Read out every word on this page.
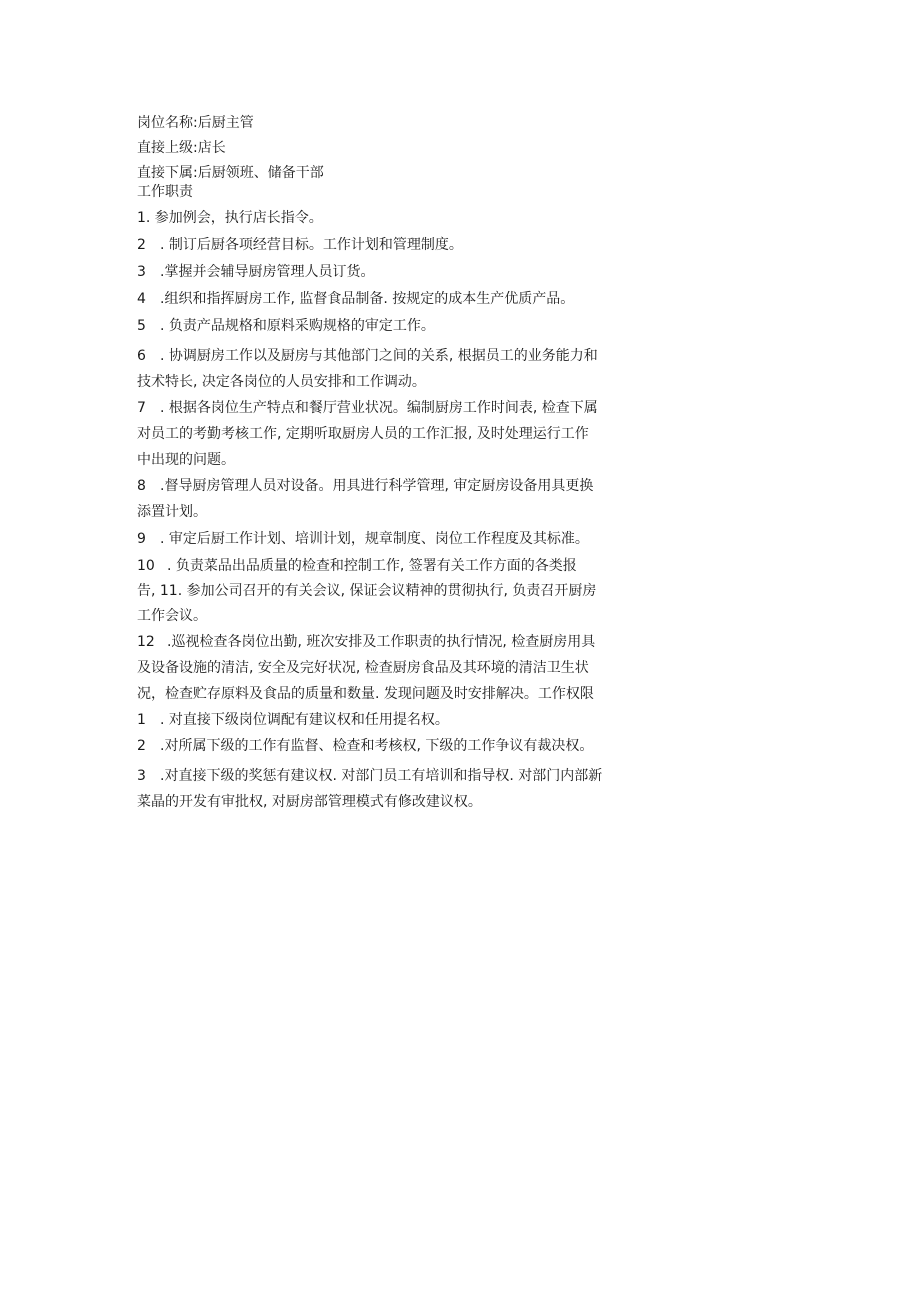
岗位名称:后厨主管
直接上级:店长
直接下属:后厨领班、储备干部
工作职责
1. 参加例会，执行店长指令。
2 . 制订后厨各项经营目标。工作计划和管理制度。
3 .掌握并会辅导厨房管理人员订货。
4 .组织和指挥厨房工作, 监督食品制备. 按规定的成本生产优质产品。
5 . 负责产品规格和原料采购规格的审定工作。
6 . 协调厨房工作以及厨房与其他部门之间的关系, 根据员工的业务能力和
技术特长, 决定各岗位的人员安排和工作调动。
7 . 根据各岗位生产特点和餐厅营业状况。编制厨房工作时间表, 检查下属
对员工的考勤考核工作, 定期听取厨房人员的工作汇报, 及时处理运行工作
中出现的问题。
8 .督导厨房管理人员对设备。用具进行科学管理, 审定厨房设备用具更换
添置计划。
9 . 审定后厨工作计划、培训计划，规章制度、岗位工作程度及其标准。
10 . 负责菜品出品质量的检查和控制工作, 签署有关工作方面的各类报
告, 11. 参加公司召开的有关会议, 保证会议精神的贯彻执行, 负责召开厨房
工作会议。
12 .巡视检查各岗位出勤, 班次安排及工作职责的执行情况, 检查厨房用具
及设备设施的清洁, 安全及完好状况, 检查厨房食品及其环境的清洁卫生状
况，检查贮存原料及食品的质量和数量. 发现问题及时安排解决。工作权限
1 . 对直接下级岗位调配有建议权和任用提名权。
2 .对所属下级的工作有监督、检查和考核权, 下级的工作争议有裁决权。
3 .对直接下级的奖惩有建议权. 对部门员工有培训和指导权. 对部门内部新
菜晶的开发有审批权, 对厨房部管理模式有修改建议权。
